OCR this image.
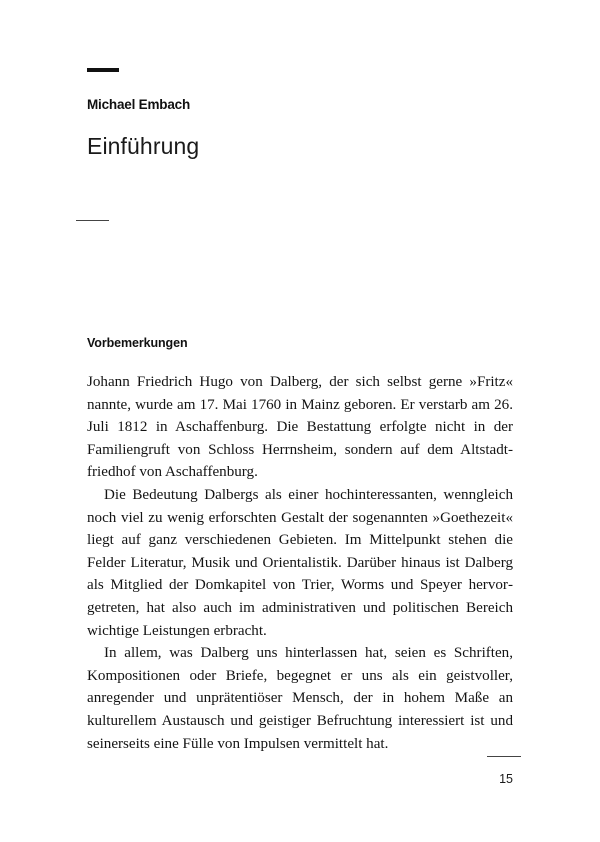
Michael Embach
Einführung
Vorbemerkungen

Johann Friedrich Hugo von Dalberg, der sich selbst gerne »Fritz« nannte, wurde am 17. Mai 1760 in Mainz geboren. Er verstarb am 26. Juli 1812 in Aschaffenburg. Die Bestattung erfolgte nicht in der Familiengruft von Schloss Herrnsheim, sondern auf dem Altstadtfriedhof von Aschaffenburg.

Die Bedeutung Dalbergs als einer hochinteressanten, wenngleich noch viel zu wenig erforschten Gestalt der sogenannten »Goethezeit« liegt auf ganz verschiedenen Gebieten. Im Mittelpunkt stehen die Felder Literatur, Musik und Orientalistik. Darüber hinaus ist Dalberg als Mitglied der Domkapitel von Trier, Worms und Speyer hervorgetreten, hat also auch im administrativen und politischen Bereich wichtige Leistungen erbracht.

In allem, was Dalberg uns hinterlassen hat, seien es Schriften, Kompositionen oder Briefe, begegnet er uns als ein geistvoller, anregender und unprätentiöser Mensch, der in hohem Maße an kulturellem Austausch und geistiger Befruchtung interessiert ist und seinerseits eine Fülle von Impulsen vermittelt hat.

15
